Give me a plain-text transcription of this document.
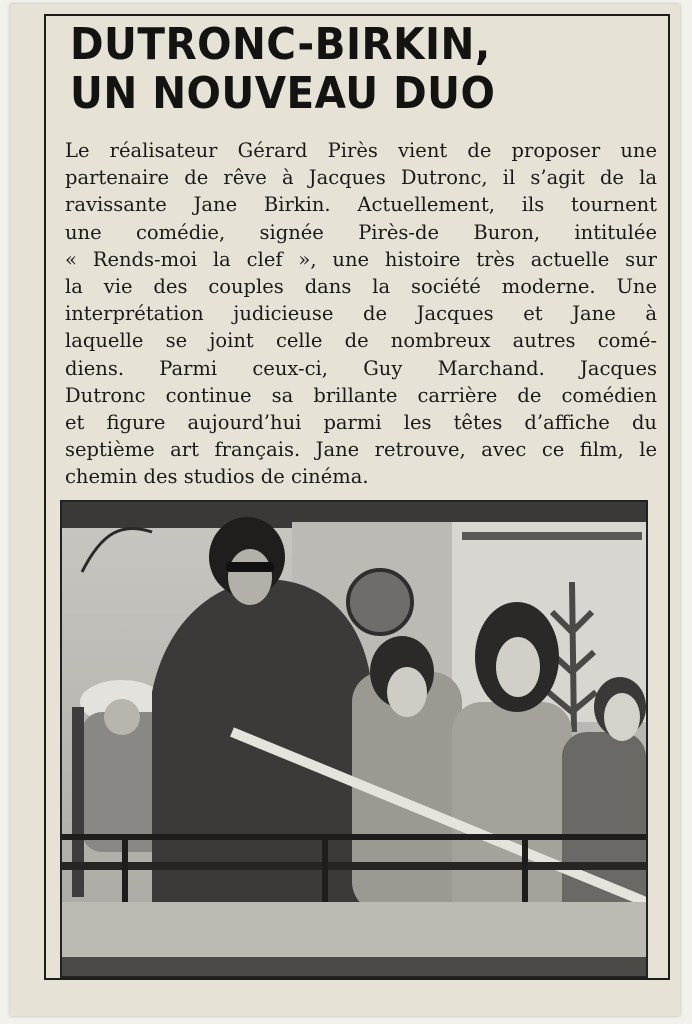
DUTRONC-BIRKIN,
UN NOUVEAU DUO
Le réalisateur Gérard Pirès vient de proposer une
partenaire de rêve à Jacques Dutronc, il s’agit de la
ravissante Jane Birkin. Actuellement, ils tournent
une comédie, signée Pirès-de Buron, intitulée
« Rends-moi la clef », une histoire très actuelle sur
la vie des couples dans la société moderne. Une
interprétation judicieuse de Jacques et Jane à
laquelle se joint celle de nombreux autres comé-
diens. Parmi ceux-ci, Guy Marchand. Jacques
Dutronc continue sa brillante carrière de comédien
et figure aujourd’hui parmi les têtes d’affiche du
septième art français. Jane retrouve, avec ce film, le
chemin des studios de cinéma.
